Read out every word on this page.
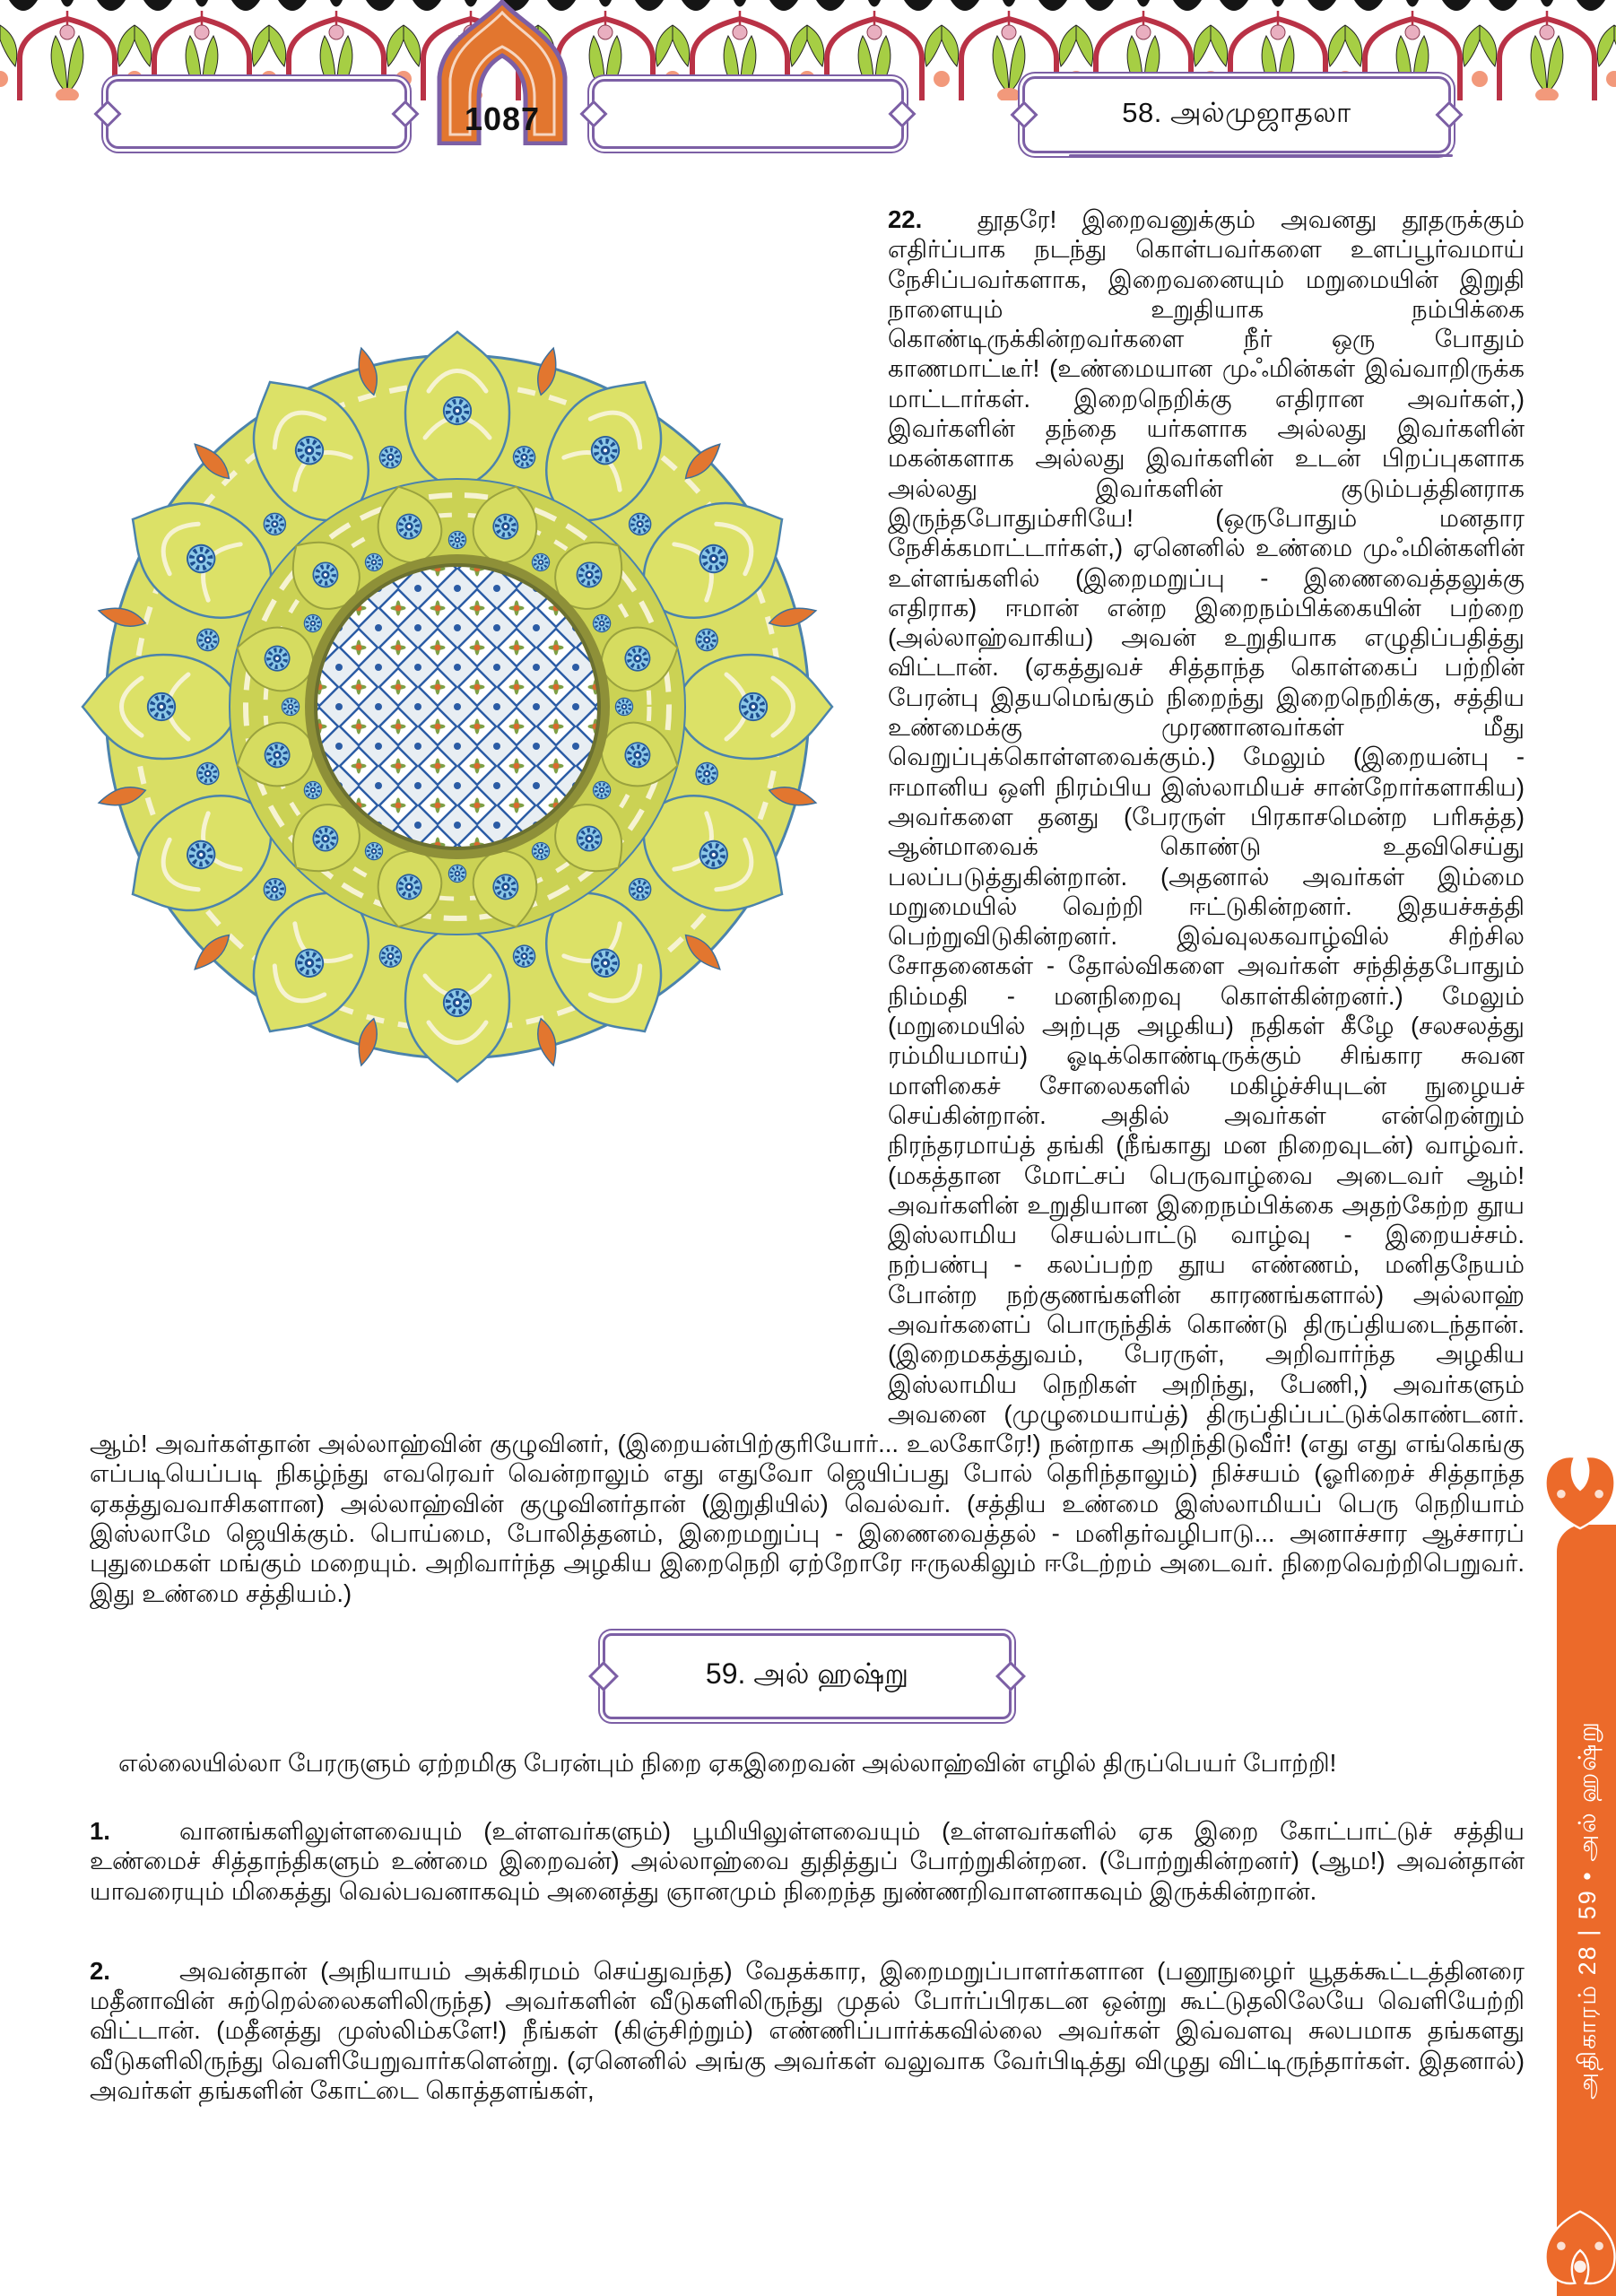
1087	58. அல்முஜாதலா

22. தூதரே! இறைவனுக்கும் அவனது தூதருக்கும் எதிர்ப்பாக நடந்து கொள்பவர்களை உளப்பூர்வமாய் நேசிப்பவர்களாக, இறைவனையும் மறுமையின் இறுதி நாளையும் உறுதியாக நம்பிக்கை கொண்டிருக்கின்றவர்களை நீர் ஒரு போதும் காணமாட்டீர்! (உண்மையான முஃமின்கள் இவ்வாறிருக்க மாட்டார்கள். இறைநெறிக்கு எதிரான அவர்கள்,) இவர்களின் தந்தை யர்களாக அல்லது இவர்களின் மகன்களாக அல்லது இவர்களின் உடன் பிறப்புகளாக அல்லது இவர்களின் குடும்பத்தினராக இருந்தபோதும்சரியே! (ஒருபோதும் மனதார நேசிக்கமாட்டார்கள்,) ஏனெனில் உண்மை முஃமின்களின் உள்ளங்களில் (இறைமறுப்பு - இணைவைத்தலுக்கு எதிராக) ஈமான் என்ற இறைநம்பிக்கையின் பற்றை (அல்லாஹ்வாகிய) அவன் உறுதியாக எழுதிப்பதித்து விட்டான். (ஏகத்துவச் சித்தாந்த கொள்கைப் பற்றின் பேரன்பு இதயமெங்கும் நிறைந்து இறைநெறிக்கு, சத்திய உண்மைக்கு முரணானவர்கள் மீது வெறுப்புக்கொள்ளவைக்கும்.) மேலும் (இறையன்பு - ஈமானிய ஒளி நிரம்பிய இஸ்லாமியச் சான்றோர்களாகிய) அவர்களை தனது (பேரருள் பிரகாசமென்ற பரிசுத்த) ஆன்மாவைக் கொண்டு உதவிசெய்து பலப்படுத்துகின்றான். (அதனால் அவர்கள் இம்மை மறுமையில் வெற்றி ஈட்டுகின்றனர். இதயச்சுத்தி பெற்றுவிடுகின்றனர். இவ்வுலகவாழ்வில் சிற்சில சோதனைகள் - தோல்விகளை அவர்கள் சந்தித்தபோதும் நிம்மதி - மனநிறைவு கொள்கின்றனர்.) மேலும் (மறுமையில் அற்புத அழகிய) நதிகள் கீழே (சலசலத்து ரம்மியமாய்) ஓடிக்கொண்டிருக்கும் சிங்கார சுவன மாளிகைச் சோலைகளில் மகிழ்ச்சியுடன் நுழையச் செய்கின்றான். அதில் அவர்கள் என்றென்றும் நிரந்தரமாய்த் தங்கி (நீங்காது மன நிறைவுடன்) வாழ்வர். (மகத்தான மோட்சப் பெருவாழ்வை அடைவர் ஆம்! அவர்களின் உறுதியான இறைநம்பிக்கை அதற்கேற்ற தூய இஸ்லாமிய செயல்பாட்டு வாழ்வு - இறையச்சம். நற்பண்பு - கலப்பற்ற தூய எண்ணம், மனிதநேயம் போன்ற நற்குணங்களின் காரணங்களால்) அல்லாஹ் அவர்களைப் பொருந்திக் கொண்டு திருப்தியடைந்தான். (இறைமகத்துவம், பேரருள், அறிவார்ந்த அழகிய இஸ்லாமிய நெறிகள் அறிந்து, பேணி,) அவர்களும் அவனை (முழுமையாய்த்) திருப்திப்பட்டுக்கொண்டனர். ஆம்! அவர்கள்தான் அல்லாஹ்வின் குழுவினர், (இறையன்பிற்குரியோர்... உலகோரே!) நன்றாக அறிந்திடுவீர்! (எது எது எங்கெங்கு எப்படியெப்படி நிகழ்ந்து எவரெவர் வென்றாலும் எது எதுவோ ஜெயிப்பது போல் தெரிந்தாலும்) நிச்சயம் (ஓரிறைச் சித்தாந்த ஏகத்துவவாசிகளான) அல்லாஹ்வின் குழுவினர்தான் (இறுதியில்) வெல்வர். (சத்திய உண்மை இஸ்லாமியப் பெரு நெறியாம் இஸ்லாமே ஜெயிக்கும். பொய்மை, போலித்தனம், இறைமறுப்பு - இணைவைத்தல் - மனிதர்வழிபாடு... அனாச்சார ஆச்சாரப் புதுமைகள் மங்கும் மறையும். அறிவார்ந்த அழகிய இறைநெறி ஏற்றோரே ஈருலகிலும் ஈடேற்றம் அடைவர். நிறைவெற்றிபெறுவர். இது உண்மை சத்தியம்.)

59. அல் ஹஷ்று

எல்லையில்லா பேரருளும் ஏற்றமிகு பேரன்பும் நிறை ஏகஇறைவன் அல்லாஹ்வின் எழில் திருப்பெயர் போற்றி!

1.	வானங்களிலுள்ளவையும் (உள்ளவர்களும்) பூமியிலுள்ளவையும் (உள்ளவர்களில் ஏக இறை கோட்பாட்டுச் சத்திய உண்மைச் சித்தாந்திகளும் உண்மை இறைவன்) அல்லாஹ்வை துதித்துப் போற்றுகின்றன. (போற்றுகின்றனர்) (ஆம!) அவன்தான் யாவரையும் மிகைத்து வெல்பவனாகவும் அனைத்து ஞானமும் நிறைந்த நுண்ணறிவாளனாகவும் இருக்கின்றான்.

2.	அவன்தான் (அநியாயம் அக்கிரமம் செய்துவந்த) வேதக்கார, இறைமறுப்பாளர்களான (பனூநுழைர் யூதக்கூட்டத்தினரை மதீனாவின் சுற்றெல்லைகளிலிருந்த) அவர்களின் வீடுகளிலிருந்து முதல் போர்ப்பிரகடன ஒன்று கூட்டுதலிலேயே வெளியேற்றி விட்டான். (மதீனத்து முஸ்லிம்களே!) நீங்கள் (கிஞ்சிற்றும்) எண்ணிப்பார்க்கவில்லை அவர்கள் இவ்வளவு சுலபமாக தங்களது வீடுகளிலிருந்து வெளியேறுவார்களென்று. (ஏனெனில் அங்கு அவர்கள் வலுவாக வேர்பிடித்து விழுது விட்டிருந்தார்கள். இதனால்) அவர்கள் தங்களின் கோட்டை கொத்தளங்கள்,	அதிகாரம் 28 | 59 • அல் ஹஷ்று
